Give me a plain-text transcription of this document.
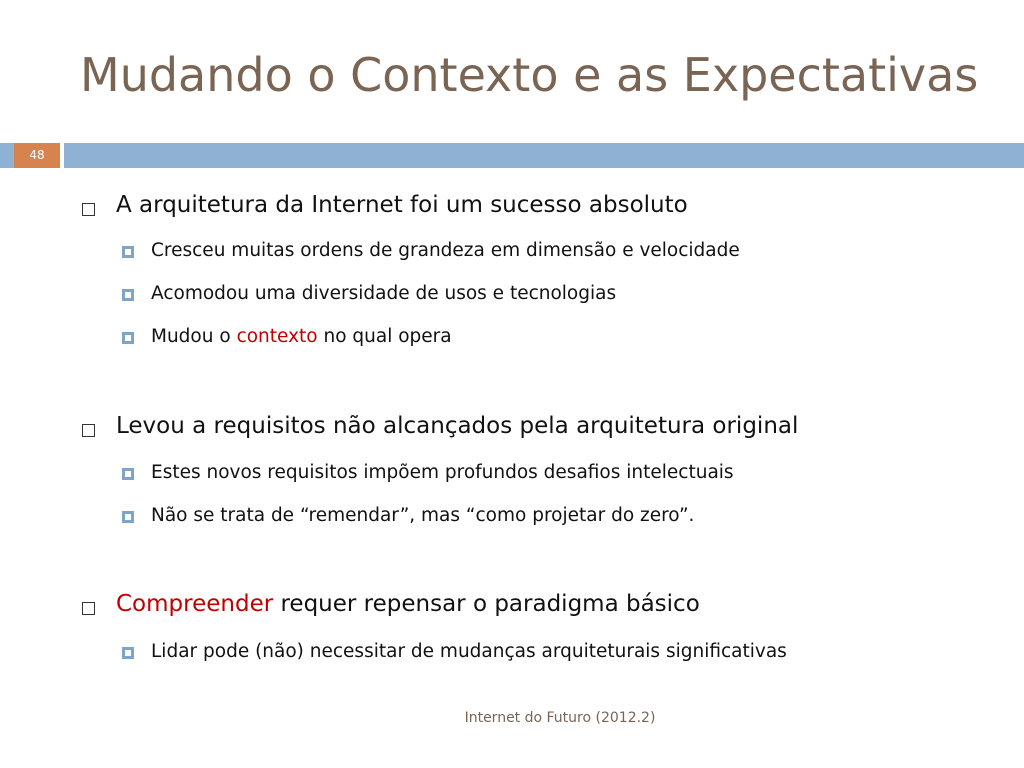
Mudando o Contexto e as Expectativas
48
A arquitetura da Internet foi um sucesso absoluto
Cresceu muitas ordens de grandeza em dimensão e velocidade
Acomodou uma diversidade de usos e tecnologias
Mudou o contexto no qual opera
Levou a requisitos não alcançados pela arquitetura original
Estes novos requisitos impõem profundos desafios intelectuais
Não se trata de “remendar”, mas “como projetar do zero”.
Compreender requer repensar o paradigma básico
Lidar pode (não) necessitar de mudanças arquiteturais significativas
Internet do Futuro (2012.2)
